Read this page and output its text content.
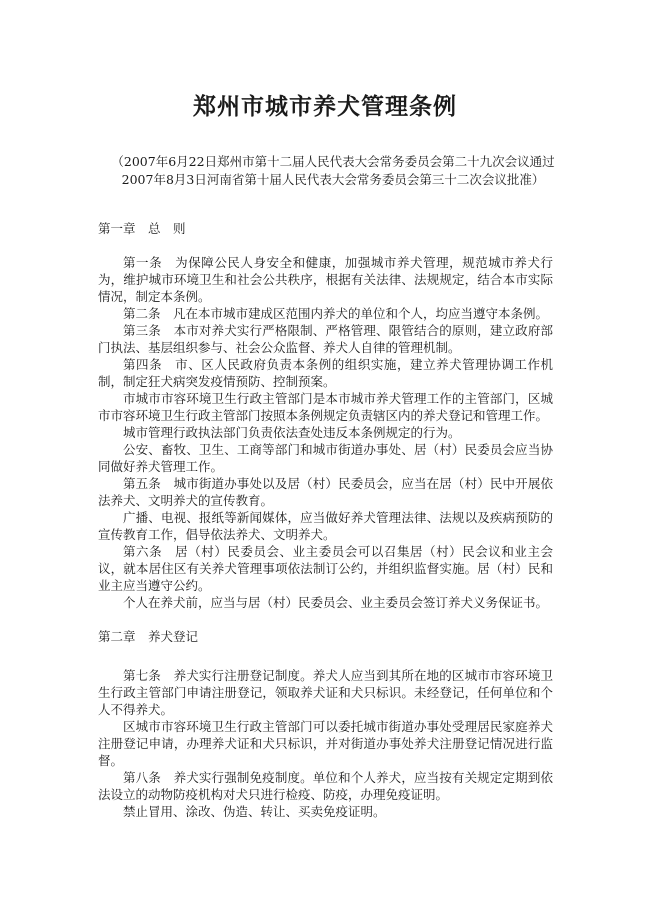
郑州市城市养犬管理条例
（2007年6月22日郑州市第十二届人民代表大会常务委员会第二十九次会议通过
2007年8月3日河南省第十届人民代表大会常务委员会第三十二次会议批准）

第一章　总　则

第一条　为保障公民人身安全和健康，加强城市养犬管理，规范城市养犬行为，维护城市环境卫生和社会公共秩序，根据有关法律、法规规定，结合本市实际情况，制定本条例。

第二条　凡在本市城市建成区范围内养犬的单位和个人，均应当遵守本条例。

第三条　本市对养犬实行严格限制、严格管理、限管结合的原则，建立政府部门执法、基层组织参与、社会公众监督、养犬人自律的管理机制。

第四条　市、区人民政府负责本条例的组织实施，建立养犬管理协调工作机制，制定狂犬病突发疫情预防、控制预案。

市城市市容环境卫生行政主管部门是本市城市养犬管理工作的主管部门，区城市市容环境卫生行政主管部门按照本条例规定负责辖区内的养犬登记和管理工作。

城市管理行政执法部门负责依法查处违反本条例规定的行为。

公安、畜牧、卫生、工商等部门和城市街道办事处、居（村）民委员会应当协同做好养犬管理工作。

第五条　城市街道办事处以及居（村）民委员会，应当在居（村）民中开展依法养犬、文明养犬的宣传教育。

广播、电视、报纸等新闻媒体，应当做好养犬管理法律、法规以及疾病预防的宣传教育工作，倡导依法养犬、文明养犬。

第六条　居（村）民委员会、业主委员会可以召集居（村）民会议和业主会议，就本居住区有关养犬管理事项依法制订公约，并组织监督实施。居（村）民和业主应当遵守公约。

个人在养犬前，应当与居（村）民委员会、业主委员会签订养犬义务保证书。

第二章　养犬登记

第七条　养犬实行注册登记制度。养犬人应当到其所在地的区城市市容环境卫生行政主管部门申请注册登记，领取养犬证和犬只标识。未经登记，任何单位和个人不得养犬。

区城市市容环境卫生行政主管部门可以委托城市街道办事处受理居民家庭养犬注册登记申请，办理养犬证和犬只标识，并对街道办事处养犬注册登记情况进行监督。

第八条　养犬实行强制免疫制度。单位和个人养犬，应当按有关规定定期到依法设立的动物防疫机构对犬只进行检疫、防疫，办理免疫证明。

禁止冒用、涂改、伪造、转让、买卖免疫证明。
